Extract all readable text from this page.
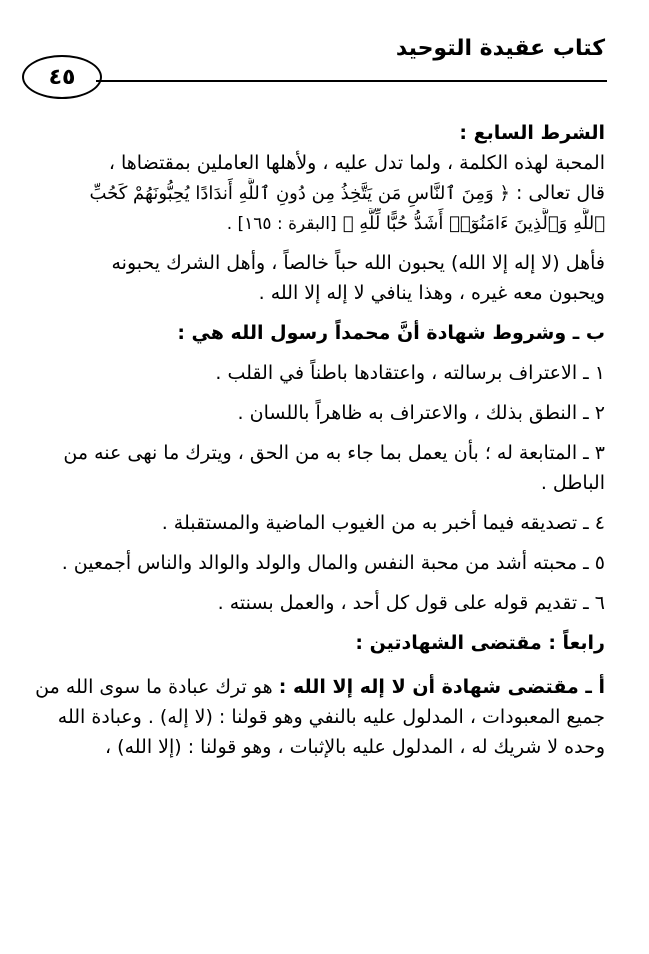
كتاب عقيدة التوحيد
٤٥
الشرط السابع :
المحبة لهذه الكلمة ، ولما تدل عليه ، ولأهلها العاملين بمقتضاها ،
قال تعالى : ﴿ وَمِنَ ٱلنَّاسِ مَن يَتَّخِذُ مِن دُونِ ٱللَّهِ أَندَادًا يُحِبُّونَهُمْ كَحُبِّ
ٱللَّهِ وَٱلَّذِينَ ءَامَنُوٓا۟ أَشَدُّ حُبًّا لِّلَّهِ ﴾ [البقرة : ١٦٥] .
فأهل (لا إله إلا الله) يحبون الله حباً خالصاً ، وأهل الشرك يحبونه
ويحبون معه غيره ، وهذا ينافي لا إله إلا الله .
ب ـ وشروط شهادة أنَّ محمداً رسول الله هي :
١ ـ الاعتراف برسالته ، واعتقادها باطناً في القلب .
٢ ـ النطق بذلك ، والاعتراف به ظاهراً باللسان .
٣ ـ المتابعة له ؛ بأن يعمل بما جاء به من الحق ، ويترك ما نهى عنه من
الباطل .
٤ ـ تصديقه فيما أخبر به من الغيوب الماضية والمستقبلة .
٥ ـ محبته أشد من محبة النفس والمال والولد والوالد والناس أجمعين .
٦ ـ تقديم قوله على قول كل أحد ، والعمل بسنته .
رابعاً : مقتضى الشهادتين :
أ ـ مقتضى شهادة أن لا إله إلا الله : هو ترك عبادة ما سوى الله من
جميع المعبودات ، المدلول عليه بالنفي وهو قولنا : (لا إله) . وعبادة الله
وحده لا شريك له ، المدلول عليه بالإثبات ، وهو قولنا : (إلا الله) ،
